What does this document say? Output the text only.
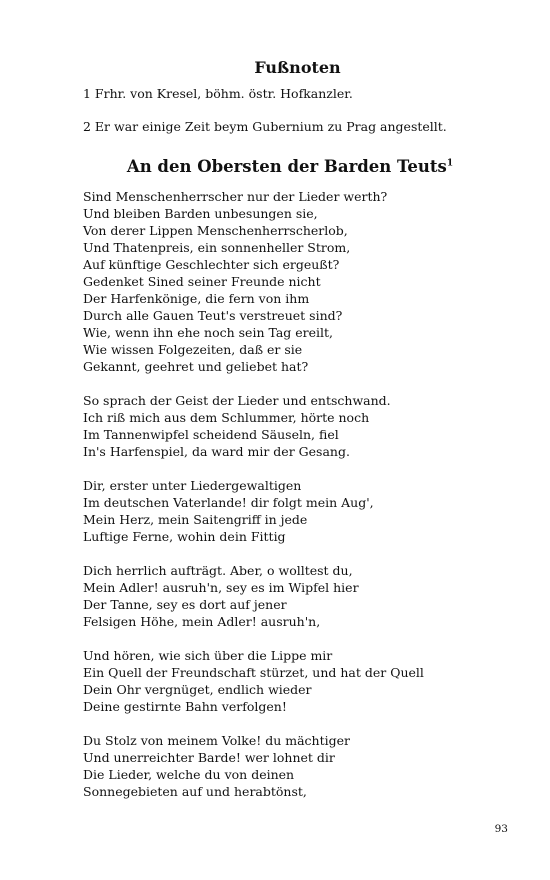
Fußnoten
1 Frhr. von Kresel, böhm. östr. Hofkanzler.
2 Er war einige Zeit beym Gubernium zu Prag angestellt.
An den Obersten der Barden Teuts$^1$
Sind Menschenherrscher nur der Lieder werth?
Und bleiben Barden unbesungen sie,
Von derer Lippen Menschenherrscherlob,
Und Thatenpreis, ein sonnenheller Strom,
Auf künftige Geschlechter sich ergeußt?
Gedenket Sined seiner Freunde nicht
Der Harfenkönige, die fern von ihm
Durch alle Gauen Teut's verstreuet sind?
Wie, wenn ihn ehe noch sein Tag ereilt,
Wie wissen Folgezeiten, daß er sie
Gekannt, geehret und geliebet hat?
So sprach der Geist der Lieder und entschwand.
Ich riß mich aus dem Schlummer, hörte noch
Im Tannenwipfel scheidend Säuseln, fiel
In's Harfenspiel, da ward mir der Gesang.
Dir, erster unter Liedergewaltigen
Im deutschen Vaterlande! dir folgt mein Aug',
Mein Herz, mein Saitengriff in jede
Luftige Ferne, wohin dein Fittig
Dich herrlich aufträgt. Aber, o wolltest du,
Mein Adler! ausruh'n, sey es im Wipfel hier
Der Tanne, sey es dort auf jener
Felsigen Höhe, mein Adler! ausruh'n,
Und hören, wie sich über die Lippe mir
Ein Quell der Freundschaft stürzet, und hat der Quell
Dein Ohr vergnüget, endlich wieder
Deine gestirnte Bahn verfolgen!
Du Stolz von meinem Volke! du mächtiger
Und unerreichter Barde! wer lohnet dir
Die Lieder, welche du von deinen
Sonnegebieten auf und herabtönst,
93
